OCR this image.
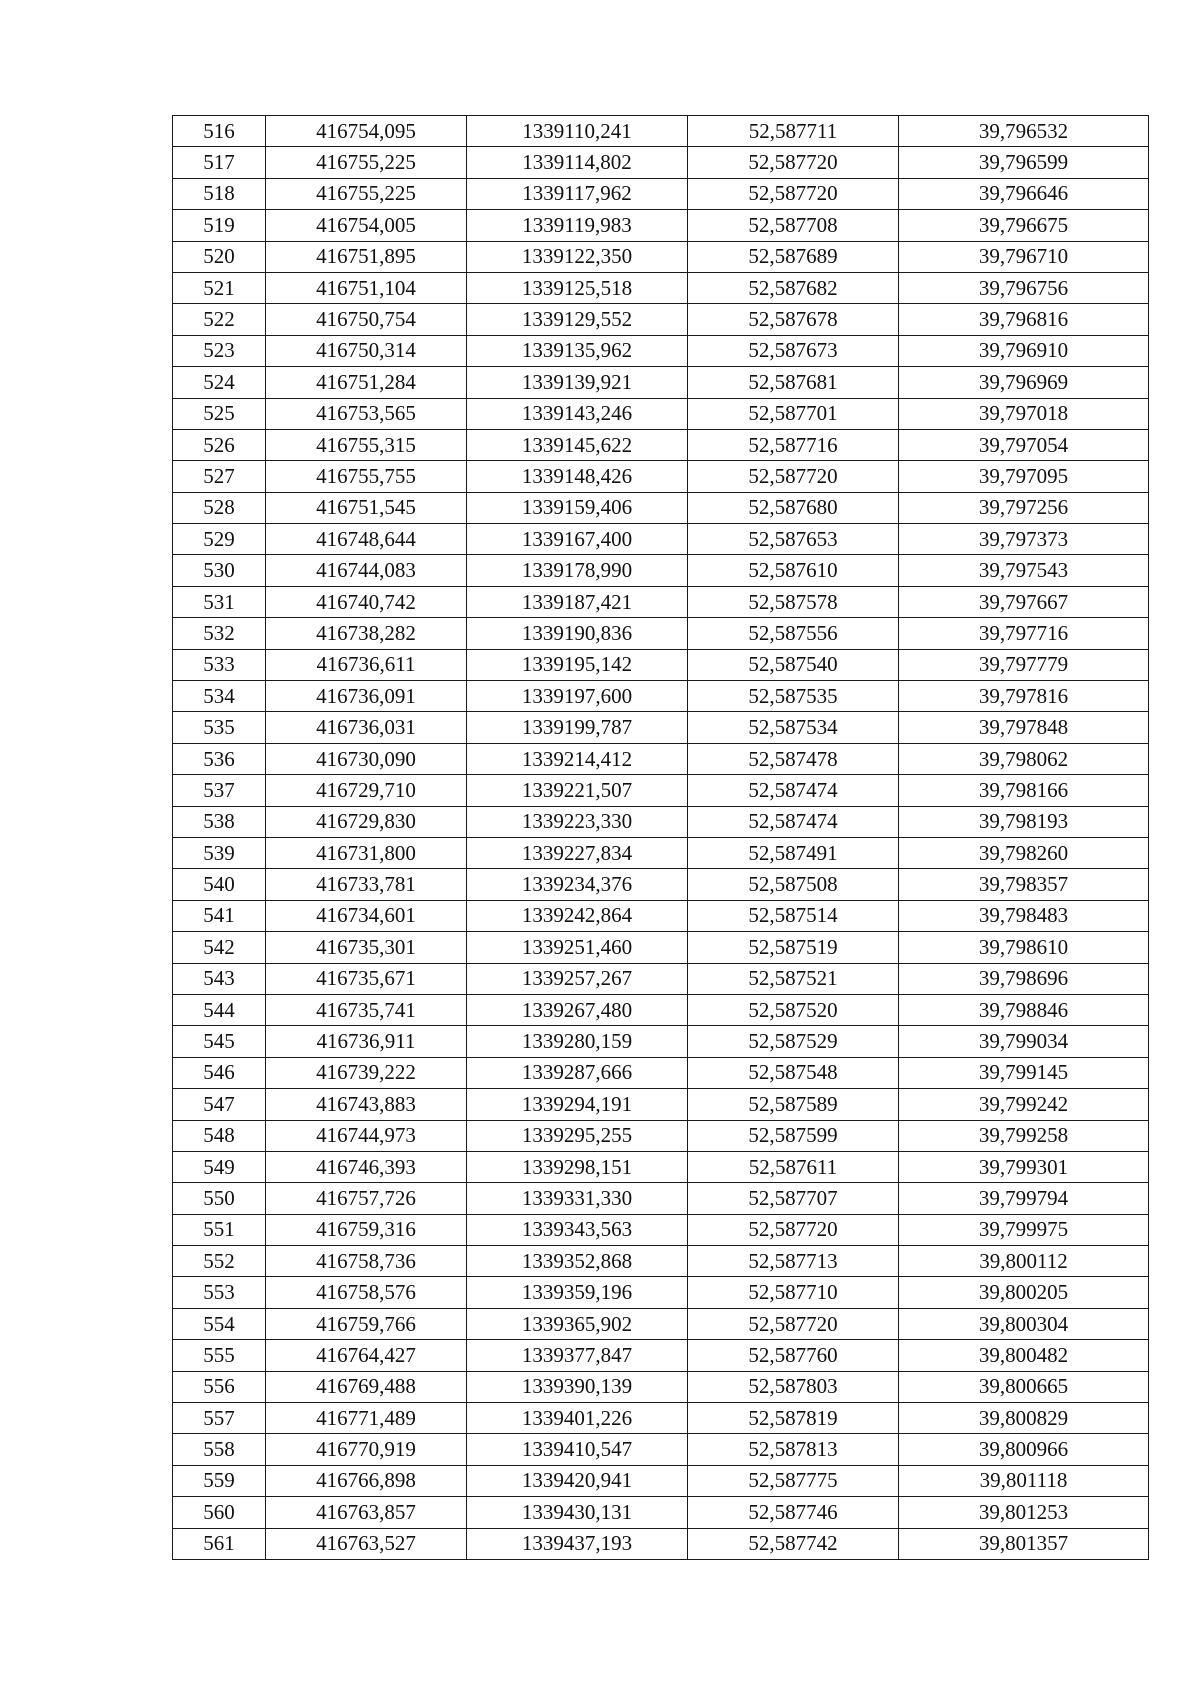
516	416754,095	1339110,241	52,587711	39,796532
517	416755,225	1339114,802	52,587720	39,796599
518	416755,225	1339117,962	52,587720	39,796646
519	416754,005	1339119,983	52,587708	39,796675
520	416751,895	1339122,350	52,587689	39,796710
521	416751,104	1339125,518	52,587682	39,796756
522	416750,754	1339129,552	52,587678	39,796816
523	416750,314	1339135,962	52,587673	39,796910
524	416751,284	1339139,921	52,587681	39,796969
525	416753,565	1339143,246	52,587701	39,797018
526	416755,315	1339145,622	52,587716	39,797054
527	416755,755	1339148,426	52,587720	39,797095
528	416751,545	1339159,406	52,587680	39,797256
529	416748,644	1339167,400	52,587653	39,797373
530	416744,083	1339178,990	52,587610	39,797543
531	416740,742	1339187,421	52,587578	39,797667
532	416738,282	1339190,836	52,587556	39,797716
533	416736,611	1339195,142	52,587540	39,797779
534	416736,091	1339197,600	52,587535	39,797816
535	416736,031	1339199,787	52,587534	39,797848
536	416730,090	1339214,412	52,587478	39,798062
537	416729,710	1339221,507	52,587474	39,798166
538	416729,830	1339223,330	52,587474	39,798193
539	416731,800	1339227,834	52,587491	39,798260
540	416733,781	1339234,376	52,587508	39,798357
541	416734,601	1339242,864	52,587514	39,798483
542	416735,301	1339251,460	52,587519	39,798610
543	416735,671	1339257,267	52,587521	39,798696
544	416735,741	1339267,480	52,587520	39,798846
545	416736,911	1339280,159	52,587529	39,799034
546	416739,222	1339287,666	52,587548	39,799145
547	416743,883	1339294,191	52,587589	39,799242
548	416744,973	1339295,255	52,587599	39,799258
549	416746,393	1339298,151	52,587611	39,799301
550	416757,726	1339331,330	52,587707	39,799794
551	416759,316	1339343,563	52,587720	39,799975
552	416758,736	1339352,868	52,587713	39,800112
553	416758,576	1339359,196	52,587710	39,800205
554	416759,766	1339365,902	52,587720	39,800304
555	416764,427	1339377,847	52,587760	39,800482
556	416769,488	1339390,139	52,587803	39,800665
557	416771,489	1339401,226	52,587819	39,800829
558	416770,919	1339410,547	52,587813	39,800966
559	416766,898	1339420,941	52,587775	39,801118
560	416763,857	1339430,131	52,587746	39,801253
561	416763,527	1339437,193	52,587742	39,801357
